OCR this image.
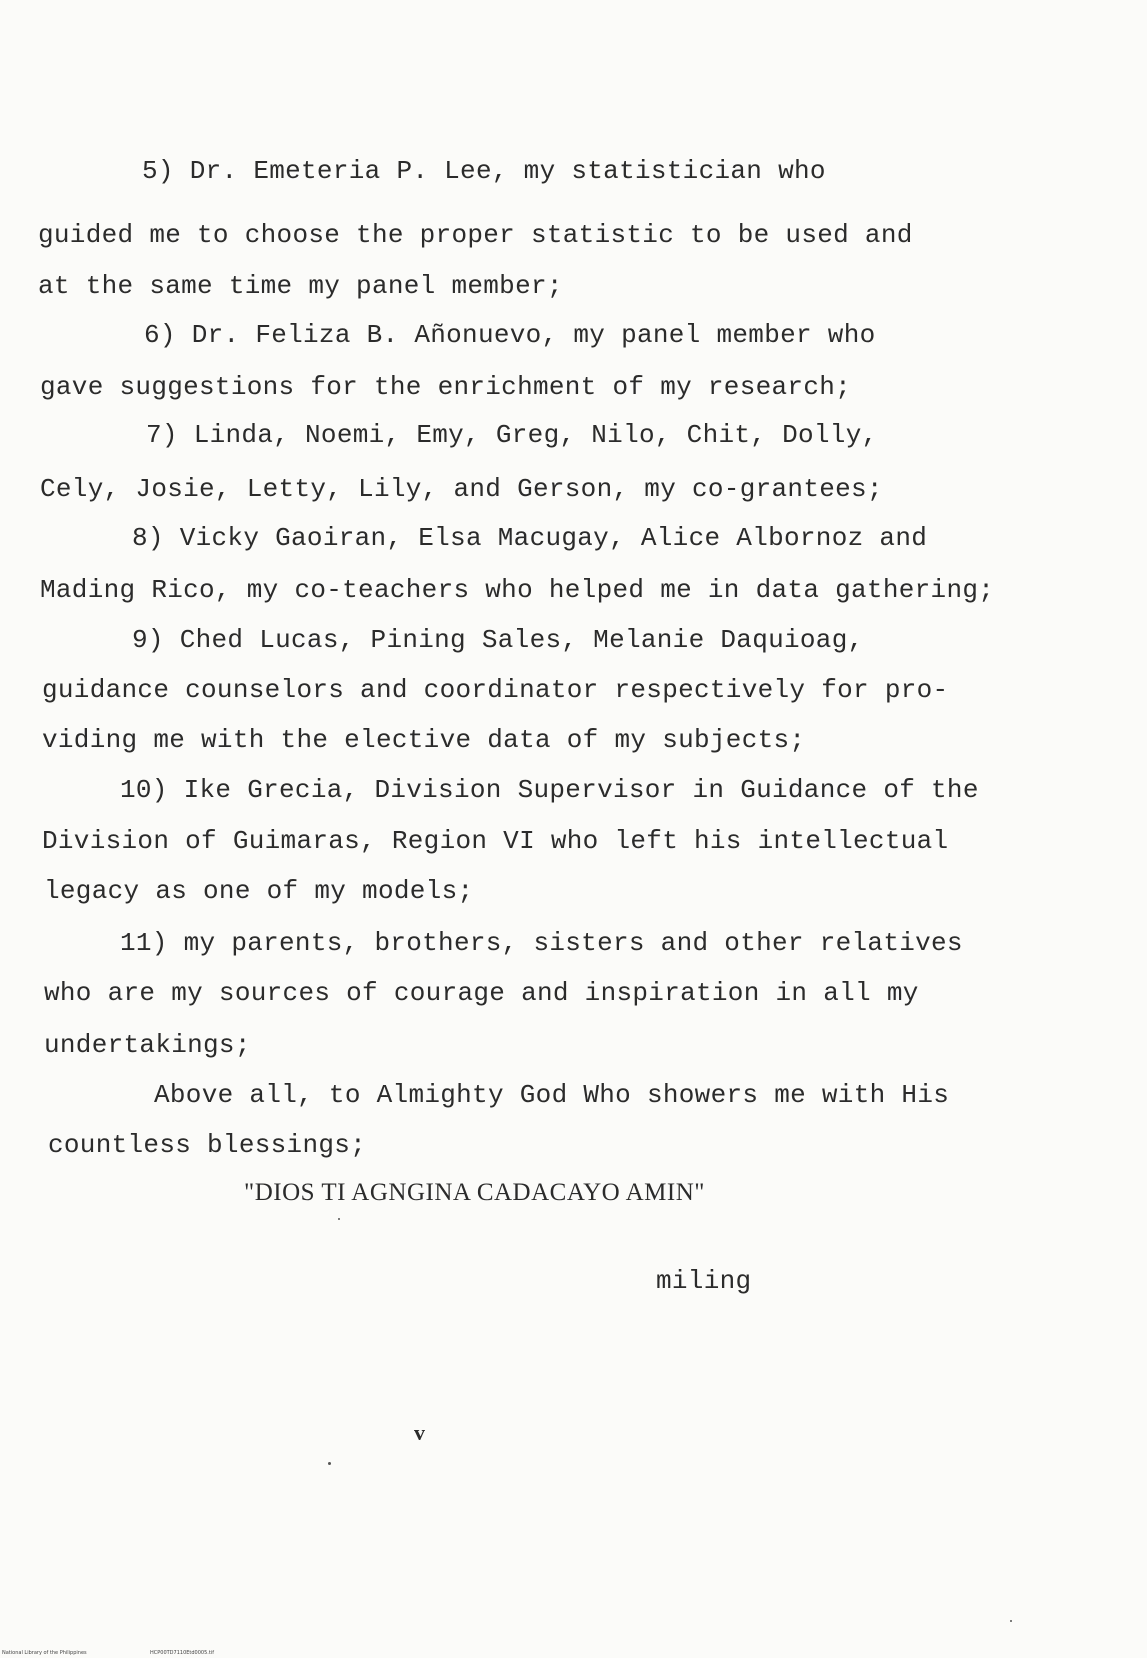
5) Dr. Emeteria P. Lee, my statistician who
guided me to choose the proper statistic to be used and
at the same time my panel member;
6) Dr. Feliza B. Añonuevo, my panel member who
gave suggestions for the enrichment of my research;
7) Linda, Noemi, Emy, Greg, Nilo, Chit, Dolly,
Cely, Josie, Letty, Lily, and Gerson, my co-grantees;
8) Vicky Gaoiran, Elsa Macugay, Alice Albornoz and
Mading Rico, my co-teachers who helped me in data gathering;
9) Ched Lucas, Pining Sales, Melanie Daquioag,
guidance counselors and coordinator respectively for pro-
viding me with the elective data of my subjects;
10) Ike Grecia, Division Supervisor in Guidance of the
Division of Guimaras, Region VI who left his intellectual
legacy as one of my models;
11) my parents, brothers, sisters and other relatives
who are my sources of courage and inspiration in all my
undertakings;
Above all, to Almighty God Who showers me with His
countless blessings;
"DIOS TI AGNGINA CADACAYO AMIN"
miling
v
National Library of the Philippines	HCP00TD7110Etd0005.tif
